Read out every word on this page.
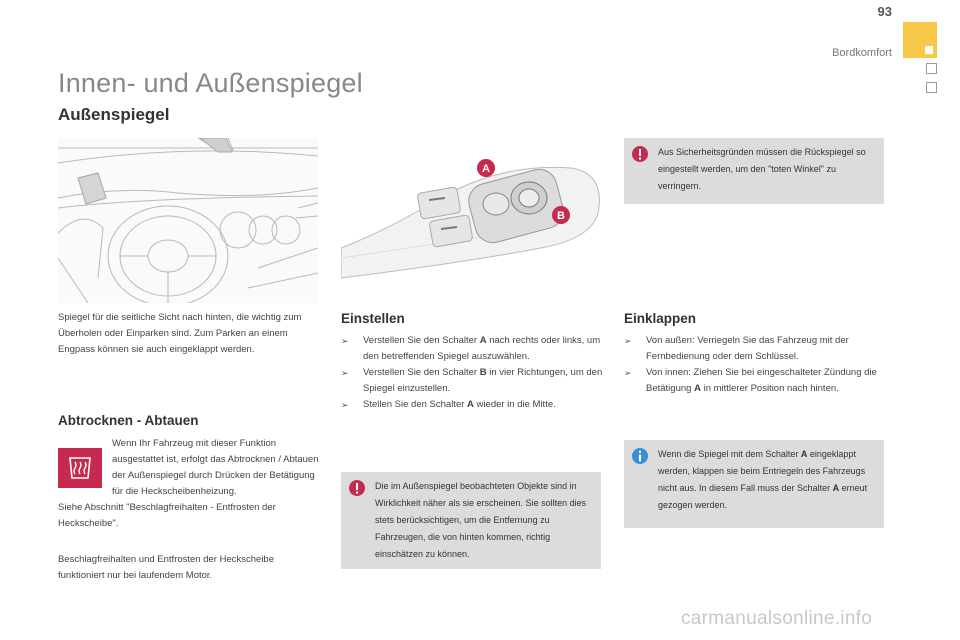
93
Bordkomfort
Innen- und Außenspiegel
Außenspiegel
A
B
Aus Sicherheitsgründen müssen die Rückspiegel so eingestellt werden, um den "toten Winkel" zu verringern.

Spiegel für die seitliche Sicht nach hinten, die wichtig zum Überholen oder Einparken sind. Zum Parken an einem Engpass können sie auch eingeklappt werden.

Abtrocknen - Abtauen

Wenn Ihr Fahrzeug mit dieser Funktion ausgestattet ist, erfolgt das Abtrocknen / Abtauen der Außenspiegel durch Drücken der Betätigung für die Heckscheibenheizung.

Siehe Abschnitt "Beschlagfreihalten - Entfrosten der Heckscheibe".

Beschlagfreihalten und Entfrosten der Heckscheibe funktioniert nur bei laufendem Motor.

Einstellen
➢ Verstellen Sie den Schalter A nach rechts oder links, um den betreffenden Spiegel auszuwählen.
➢ Verstellen Sie den Schalter B in vier Richtungen, um den Spiegel einzustellen.
➢ Stellen Sie den Schalter A wieder in die Mitte.
Die im Außenspiegel beobachteten Objekte sind in Wirklichkeit näher als sie erscheinen. Sie sollten dies stets berücksichtigen, um die Entfernung zu Fahrzeugen, die von hinten kommen, richtig einschätzen zu können.
Einklappen
➢ Von außen: Verriegeln Sie das Fahrzeug mit der Fernbedienung oder dem Schlüssel.
➢ Von innen: Ziehen Sie bei eingeschalteter Zündung die Betätigung A in mittlerer Position nach hinten.
Wenn die Spiegel mit dem Schalter A eingeklappt werden, klappen sie beim Entriegeln des Fahrzeugs nicht aus. In diesem Fall muss der Schalter A erneut gezogen werden.
carmanualsonline.info
